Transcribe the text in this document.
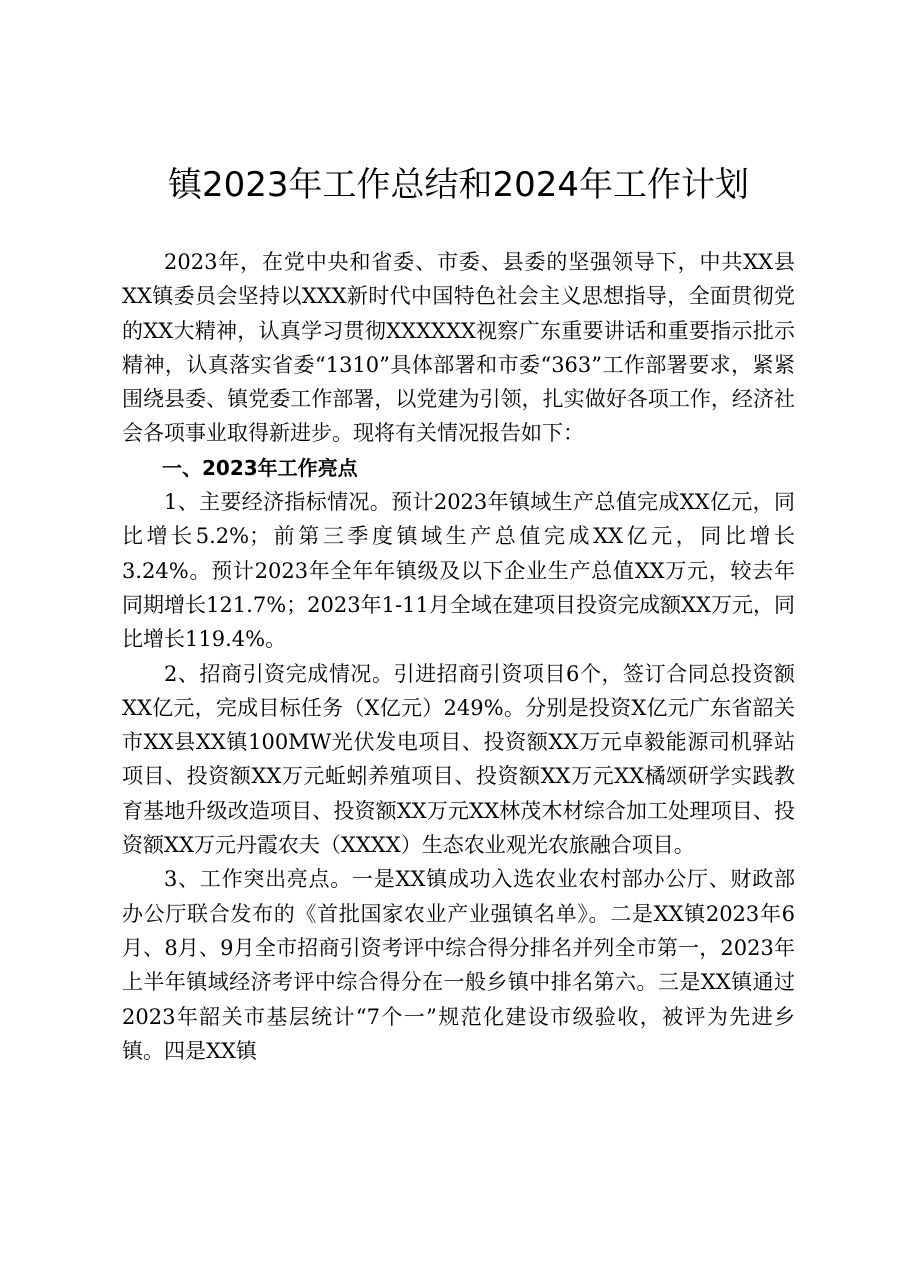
镇2023年工作总结和2024年工作计划

2023年，在党中央和省委、市委、县委的坚强领导下，中共XX县XX镇委员会坚持以XXX新时代中国特色社会主义思想指导，全面贯彻党的XX大精神，认真学习贯彻XXXXXX视察广东重要讲话和重要指示批示精神，认真落实省委“1310”具体部署和市委“363”工作部署要求，紧紧围绕县委、镇党委工作部署，以党建为引领，扎实做好各项工作，经济社会各项事业取得新进步。现将有关情况报告如下：

一、2023年工作亮点

1、主要经济指标情况。预计2023年镇域生产总值完成XX亿元，同比增长5.2%；前第三季度镇域生产总值完成XX亿元，同比增长3.24%。预计2023年全年年镇级及以下企业生产总值XX万元，较去年同期增长121.7%；2023年1-11月全域在建项目投资完成额XX万元，同比增长119.4%。

2、招商引资完成情况。引进招商引资项目6个，签订合同总投资额XX亿元，完成目标任务（X亿元）249%。分别是投资X亿元广东省韶关市XX县XX镇100MW光伏发电项目、投资额XX万元卓毅能源司机驿站项目、投资额XX万元蚯蚓养殖项目、投资额XX万元XX橘颂研学实践教育基地升级改造项目、投资额XX万元XX林茂木材综合加工处理项目、投资额XX万元丹霞农夫（XXXX）生态农业观光农旅融合项目。

3、工作突出亮点。一是XX镇成功入选农业农村部办公厅、财政部办公厅联合发布的《首批国家农业产业强镇名单》。二是XX镇2023年6月、8月、9月全市招商引资考评中综合得分排名并列全市第一，2023年上半年镇域经济考评中综合得分在一般乡镇中排名第六。三是XX镇通过2023年韶关市基层统计“7个一”规范化建设市级验收，被评为先进乡镇。四是XX镇
